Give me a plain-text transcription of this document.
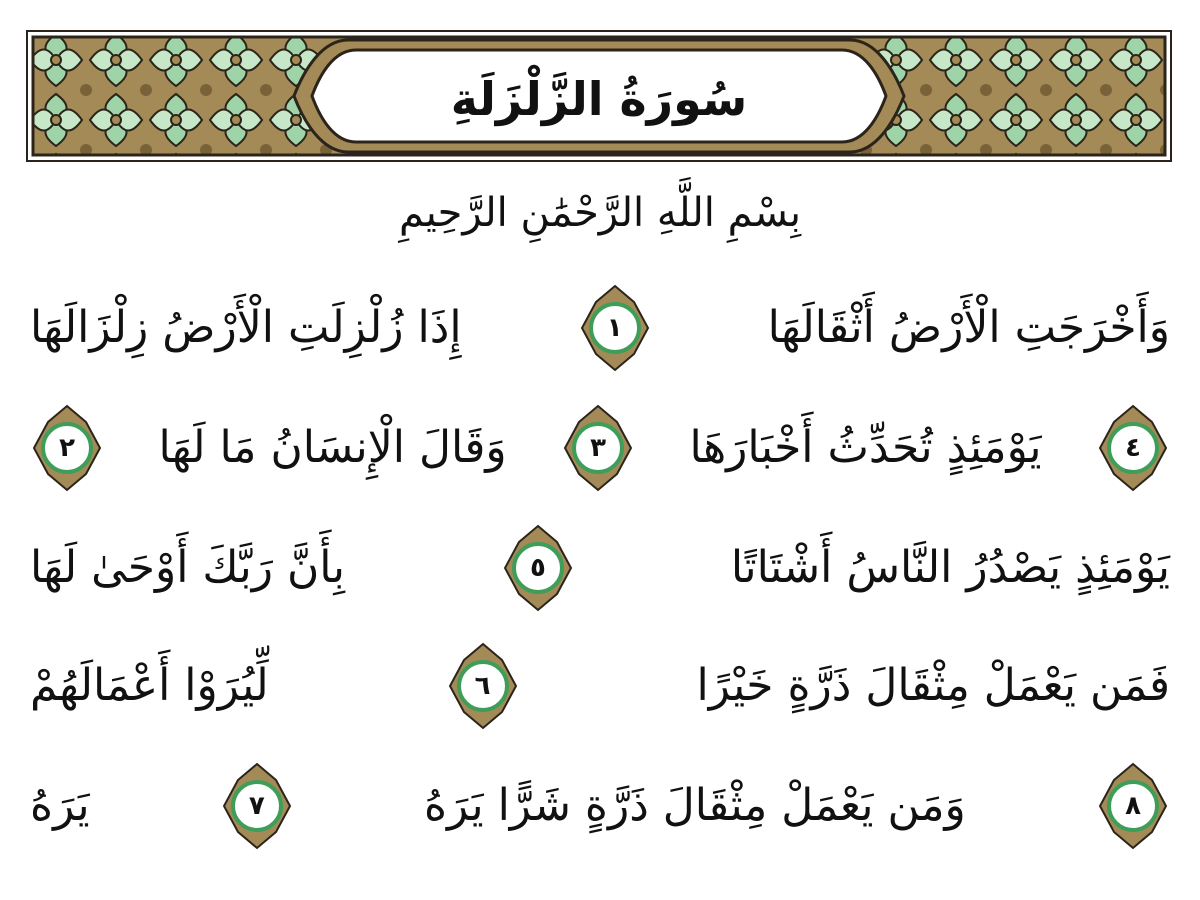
سُورَةُ الزَّلْزَلَةِ
بِسْمِ اللَّهِ الرَّحْمَٰنِ الرَّحِيمِ
إِذَا زُلْزِلَتِ الْأَرْضُ زِلْزَالَهَا	١	وَأَخْرَجَتِ الْأَرْضُ أَثْقَالَهَا
٢	وَقَالَ الْإِنسَانُ مَا لَهَا	٣	يَوْمَئِذٍ تُحَدِّثُ أَخْبَارَهَا	٤
بِأَنَّ رَبَّكَ أَوْحَىٰ لَهَا	٥	يَوْمَئِذٍ يَصْدُرُ النَّاسُ أَشْتَاتًا
لِّيُرَوْا أَعْمَالَهُمْ	٦	فَمَن يَعْمَلْ مِثْقَالَ ذَرَّةٍ خَيْرًا
يَرَهُ	٧	وَمَن يَعْمَلْ مِثْقَالَ ذَرَّةٍ شَرًّا يَرَهُ	٨
